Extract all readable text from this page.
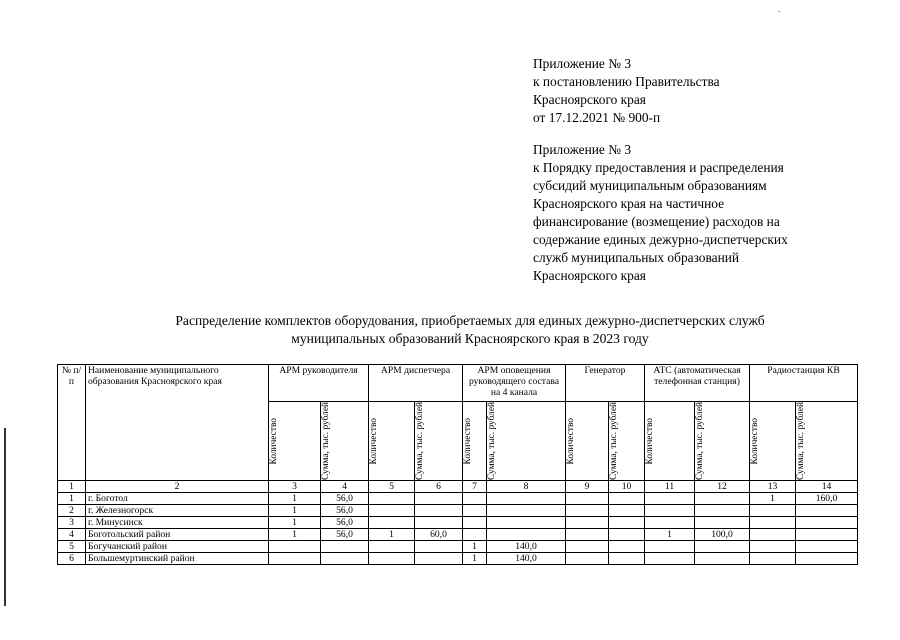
Приложение № 3
к постановлению Правительства
Красноярского края
от 17.12.2021 № 900-п
Приложение № 3
к Порядку предоставления и распределения
субсидий муниципальным образованиям
Красноярского края на частичное
финансирование (возмещение) расходов на
содержание единых дежурно-диспетчерских
служб муниципальных образований
Красноярского края
Распределение комплектов оборудования, приобретаемых для единых дежурно-диспетчерских служб
муниципальных образований Красноярского края в 2023 году
№ п/п	Наименование муниципального образования Красноярского края	АРМ руководителя		АРМ диспетчера		АРМ оповещения руководящего состава на 4 канала		Генератор		АТС (автоматическая телефонная станция)		Радиостанция КВ	

		Количество	Сумма, тыс. рублей	Количество	Сумма, тыс. рублей	Количество	Сумма, тыс. рублей	Количество	Сумма, тыс. рублей	Количество	Сумма, тыс. рублей	Количество	Сумма, тыс. рублей

1	2	3	4	5	6	7	8	9	10	11	12	13	14
1	г. Боготол	1	56,0									1	160,0
2	г. Железногорск	1	56,0										
3	г. Минусинск	1	56,0										
4	Боготольский район	1	56,0	1	60,0					1	100,0		
5	Богучанский район					1	140,0						
6	Большемуртинский район					1	140,0						
